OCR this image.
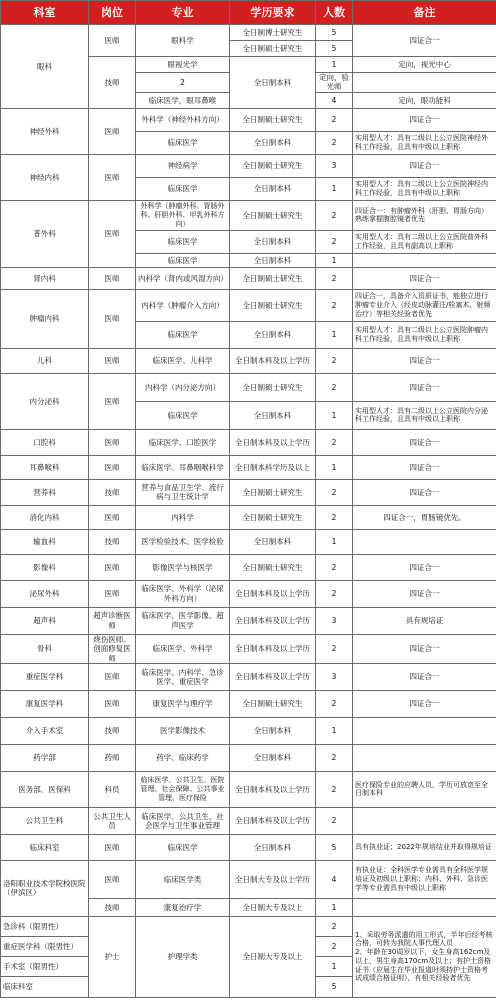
科室	岗位	专业	学历要求	人数	备注
眼科	医师	眼科学	全日制博士研究生	5	四证合一
			全日制硕士研究生	5	
	技师	眼视光学	全日制本科	1	定向，视光中心
		2		定向，验光师	
		临床医学，眼耳鼻喉		4	定向，眼功能科
神经外科	医师	外科学（神经外科方向）	全日制硕士研究生	2	四证合一
		临床医学	全日制本科	2	实用型人才：具有二级以上公立医院神经外科工作经验，且具有中级以上职称
神经内科	医师	神经病学	全日制硕士研究生	3	四证合一
		临床医学	全日制本科	1	实用型人才：具有二级以上公立医院神经内科工作经验，且具有中级以上职称
普外科	医师	外科学（肿瘤外科、胃肠外科、肝胆外科、甲乳外科方向）	全日制硕士研究生	2	四证合一：有肿瘤外科（肝胆、胃肠方向）熟练掌握腹腔镜者优先
		临床医学	全日制本科	2	实用型人才：具有二级以上公立医院普外科工作经验，且具有副高以上职称
		临床医学	全日制本科	1	
肾内科	医师	内科学（肾内或风湿方向）	全日制硕士研究生	2	四证合一
肿瘤内科	医师	内科学（肿瘤介入方向）	全日制硕士研究生	2	四证合一，具备介入资质证书，能独立进行肿瘤专业介入（经皮动脉灌注/栓塞术、射频治疗）等相关经验者优先
		临床医学	全日制本科	1	实用型人才：具有二级以上公立医院肿瘤内科工作经验，且具有中级以上职称
儿科	医师	临床医学、儿科学	全日制本科及以上学历	2	四证合一
内分泌科	医师	内科学（内分泌方向）	全日制硕士研究生	2	四证合一
		临床医学	全日制本科	1	实用型人才：具有二级以上公立医院内分泌科工作经验，且具有中级以上职称
口腔科	医师	临床医学、口腔医学	全日制本科及以上学历	2	四证合一
耳鼻喉科	医师	临床医学、耳鼻咽喉科学	全日制本科学历及以上	1	四证合一
营养科	技师	营养与食品卫生学、流行病与卫生统计学	全日制硕士研究生	2	四证合一
消化内科	医师	内科学	全日制硕士研究生	2	四证合一，胃肠镜优先。
输血科	技师	医学检验技术、医学检验	全日制本科	1	
影像科	医师	影像医学与核医学	全日制硕士研究生	2	四证合一
泌尿外科	医师	临床医学、外科学（泌尿外科方向）	全日制本科及以上学历	2	四证合一
超声科	超声诊断医师	临床医学、医学影像、超声医学	全日制本科及以上学历	3	具有规培证
骨科	烧伤医师、创面修复医师	临床医学、外科学	全日制本科及以上学历	2	四证合一
重症医学科	医师	临床医学、内科学、急诊医学、重症医学	全日制本科及以上学历	3	四证合一
康复医学科	医师	康复医学与理疗学	全日制硕士研究生	2	四证合一
介入手术室	技师	医学影像技术	全日制本科	1	
药学部	药师	药学、临床药学	全日制本科	2	
医务部、医保科	科员	临床医学、公共卫生、医院管理、社会保障、公共事业管理、医疗保险	全日制本科及以上学历	2	医疗保险专业的应聘人员，学历可放宽至全日制本科
公共卫生科	公共卫生人员	临床医学、公共卫生、社会医学与卫生事业管理	全日制本科及以上学历	2	
临床科室	医师	临床医学	全日制本科	5	具有执业证；2022年规培结业并取得规培证
洛阳职业技术学院校医院（伊滨区）	医师	临床医学类	全日制大专及以上学历	4	有执业证：全科医学专业需具有全科医学规培证及初级以上职称；内科、外科、急诊医学等专业需具有中级以上职称
	技师	康复治疗学	全日制大专及以上	1	
急诊科（限男性）	护士	护理学类	全日制大专及以上	2	1、采取劳务派遣的用工形式，半年后经考核合格，可转为我院人事代理人员
2、年龄在30周岁以下，女生身高162cm及以上，男生身高170cm及以上；有护士资格证书（应届生在毕业报道时须持护士资格考试成绩合格证明），有相关经验者优先
重症医学科（限男性）				2	
手术室（限男性）				1	
临床科室				5	
